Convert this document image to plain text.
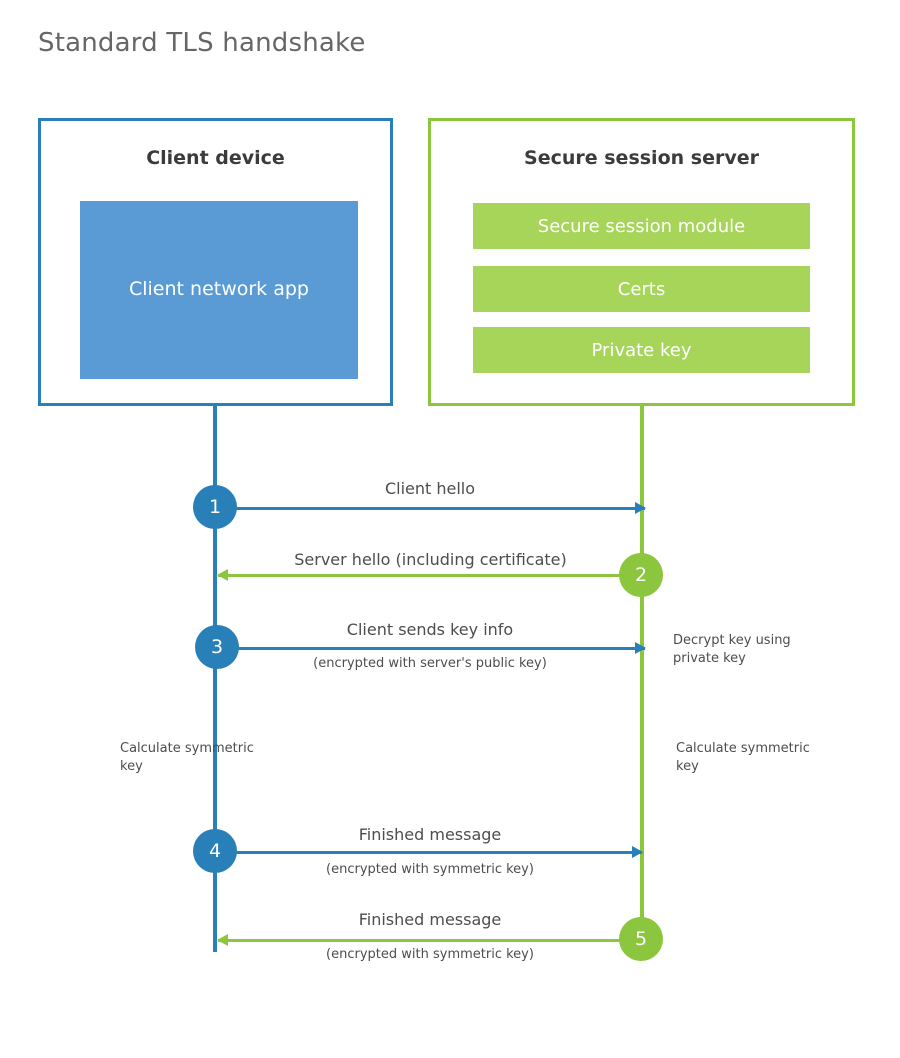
Standard TLS handshake
Client device
Client network app
Secure session server
Secure session module
Certs
Private key
1
Client hello
2
Server hello (including certificate)
3
Client sends key info
(encrypted with server's public key)
Decrypt key using private key
Calculate symmetric key
Calculate symmetric key
4
Finished message
(encrypted with symmetric key)
5
Finished message
(encrypted with symmetric key)
